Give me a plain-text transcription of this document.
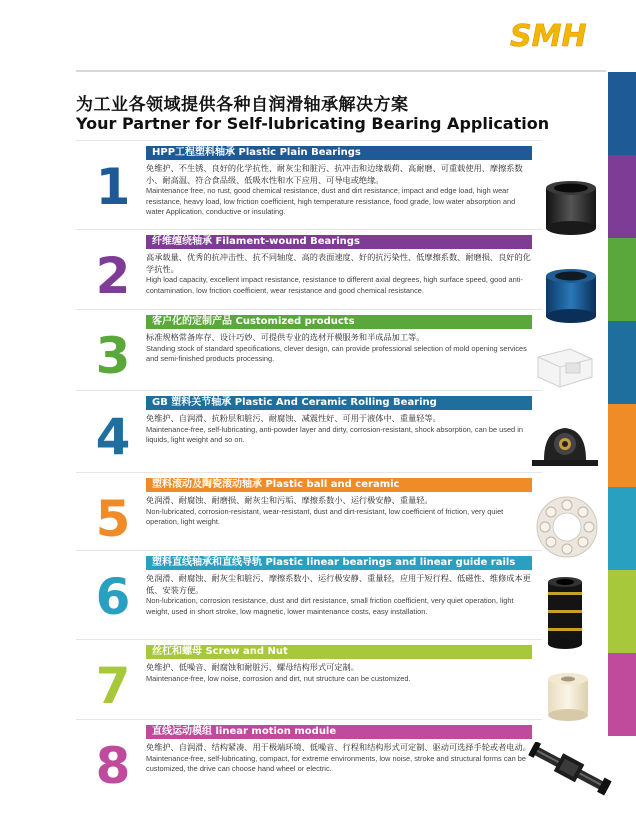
SMH
为工业各领域提供各种自润滑轴承解决方案
Your Partner for Self-lubricating Bearing Application
HPP工程塑料轴承 Plastic Plain Bearings
1	免维护、不生锈、良好的化学抗性、耐灰尘和脏污、抗冲击和边缘载荷、高耐磨、可重载使用、摩擦系数小、耐高温、符合食品级、低吸水性和水下应用、可导电或绝缘。
Maintenance free, no rust, good chemical resistance, dust and dirt resistance, impact and edge load, high wear resistance, heavy load, low friction coefficient, high temperature resistance, food grade, low water absorption and water Application, conductive or insulating.
纤维缠绕轴承 Filament-wound Bearings
2	高承载量、优秀的抗冲击性、抗不同轴度、高的表面速度、好的抗污染性、低摩擦系数、耐磨损、良好的化学抗性。
High load capacity, excellent impact resistance, resistance to different axial degrees, high surface speed, good anti-contamination, low friction coefficient, wear resistance and good chemical resistance.
客户化的定制产品 Customized products
3	标准规格常备库存、设计巧妙、可提供专业的选材开模服务和半成品加工等。
Standing stock of standard specifications, clever design, can provide professional selection of mold opening services and semi-finished products processing.
GB 塑料关节轴承 Plastic And Ceramic Rolling Bearing
4	免维护、自润滑、抗粉层和脏污、耐腐蚀、减震性好、可用于液体中、重量轻等。
Maintenance-free, self-lubricating, anti-powder layer and dirty, corrosion-resistant, shock absorption, can be used in liquids, light weight and so on.
塑料滚动及陶瓷滚动轴承 Plastic ball and ceramic
5	免润滑、耐腐蚀、耐磨损、耐灰尘和污垢、摩擦系数小、运行极安静、重量轻。
Non-lubricated, corrosion-resistant, wear-resistant, dust and dirt-resistant, low coefficient of friction, very quiet operation, light weight.
塑料直线轴承和直线导轨 Plastic linear bearings and linear guide rails
6	免润滑、耐腐蚀、耐灰尘和脏污、摩擦系数小、运行极安静、重量轻，应用于短行程、低磁性、维修成本更低、安装方便。
Non-lubrication, corrosion resistance, dust and dirt resistance, small friction coefficient, very quiet operation, light weight, used in short stroke, low magnetic, lower maintenance costs, easy installation.
丝杠和螺母 Screw and Nut
7	免维护、低噪音、耐腐蚀和耐脏污、螺母结构形式可定制。
Maintenance-free, low noise, corrosion and dirt, nut structure can be customized.
直线运动模组 linear motion module
8	免维护、自润滑、结构紧凑、用于极端环境、低噪音、行程和结构形式可定制、驱动可选择手轮或者电动。
Maintenance-free, self-lubricating, compact, for extreme environments, low noise, stroke and structural forms can be customized, the drive can choose hand wheel or electric.
